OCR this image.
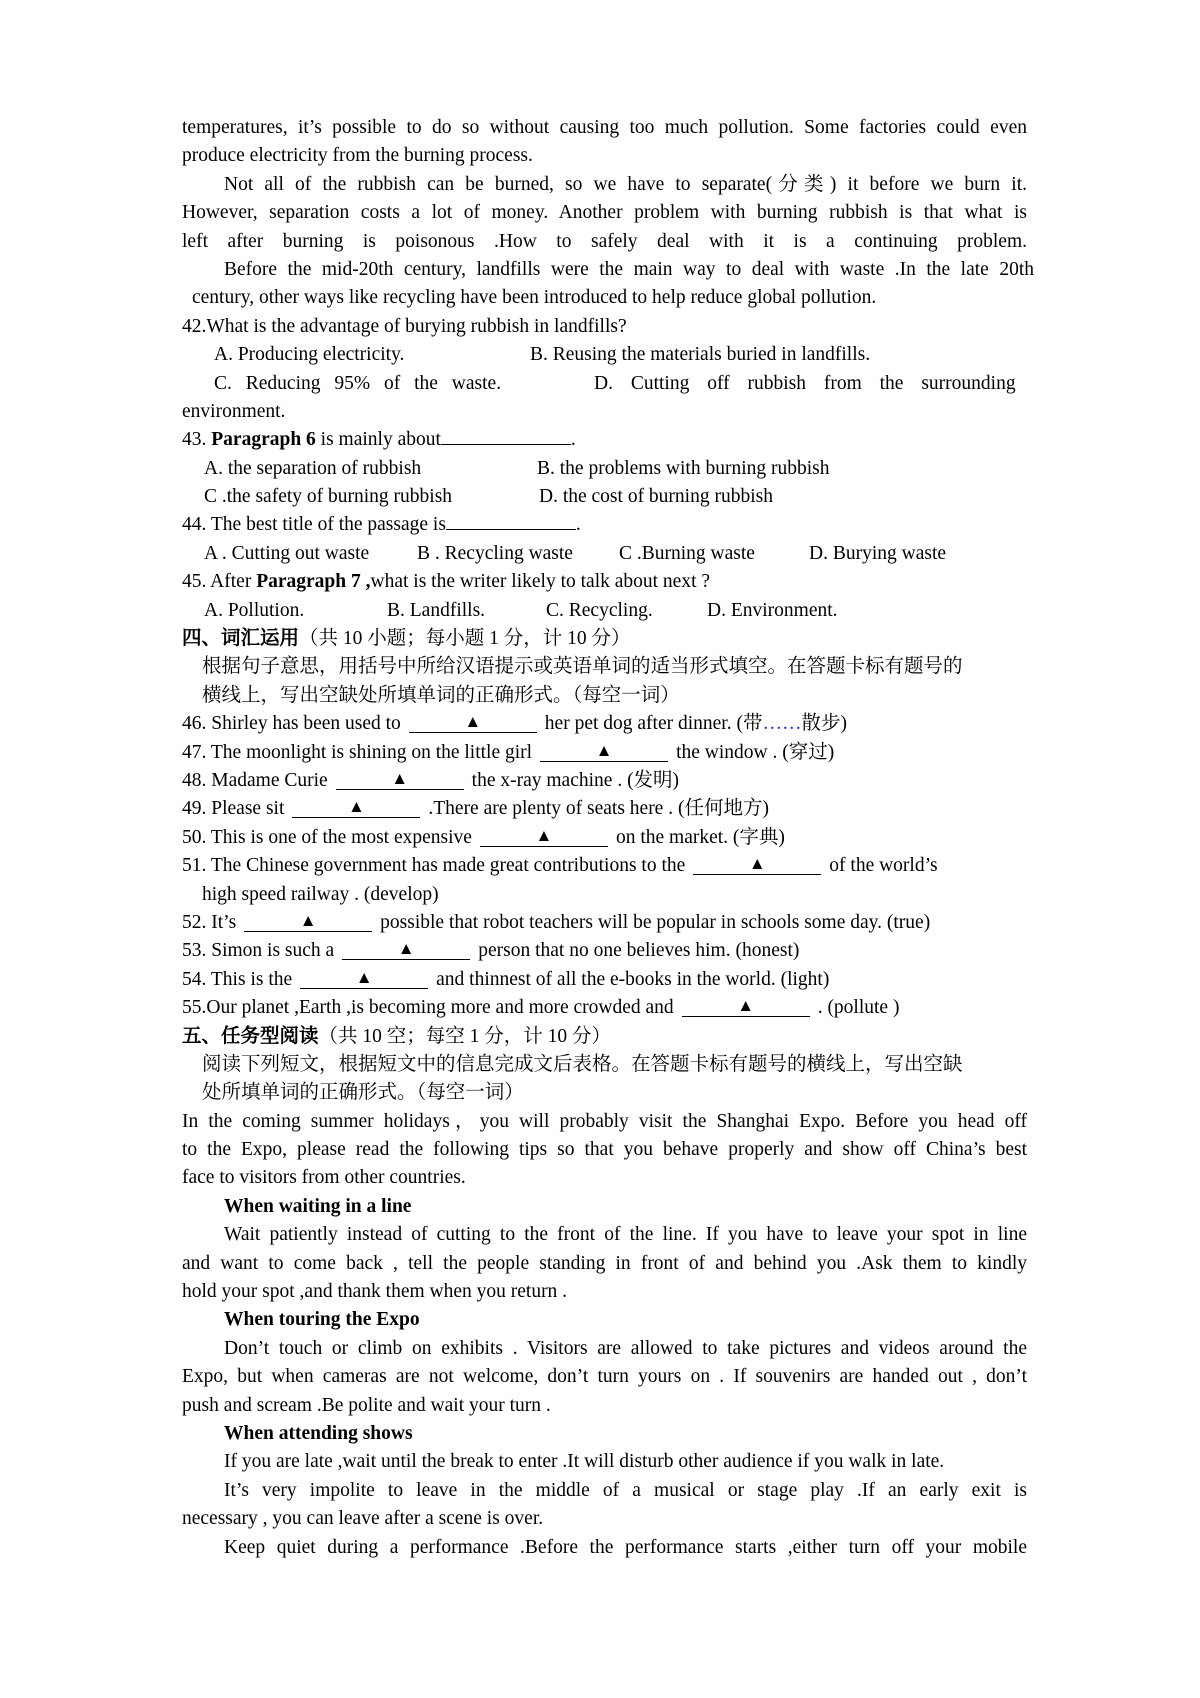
temperatures, it’s possible to do so without causing too much pollution. Some factories could even
produce electricity from the burning process.
Not all of the rubbish can be burned, so we have to separate(分类) it before we burn it.
However, separation costs a lot of money. Another problem with burning rubbish is that what is
left after burning is poisonous .How to safely deal with it is a continuing problem.
Before the mid-20th century, landfills were the main way to deal with waste .In the late 20th
century, other ways like recycling have been introduced to help reduce global pollution.
42.What is the advantage of burying rubbish in landfills?
A. Producing electricity.	B. Reusing the materials buried in landfills.
C. Reducing 95% of the waste.	D. Cutting off rubbish from the surrounding
environment.
43. Paragraph 6 is mainly about	.
A. the separation of rubbish	B. the problems with burning rubbish
C .the safety of burning rubbish	D. the cost of burning rubbish
44. The best title of the passage is	.
A . Cutting out waste B . Recycling waste C .Burning waste	D. Burying waste
45. After Paragraph 7 ,what is the writer likely to talk about next ?
A. Pollution.	B. Landfills.	C. Recycling.	D. Environment.
四、词汇运用（共 10 小题；每小题 1 分，计 10 分）
根据句子意思，用括号中所给汉语提示或英语单词的适当形式填空。在答题卡标有题号的
横线上，写出空缺处所填单词的正确形式。（每空一词）
46. Shirley has been used to	▲	her pet dog after dinner. (带……散步)
47. The moonlight is shining on the little girl	▲	the window . (穿过)
48. Madame Curie	▲	the x-ray machine . (发明)
49. Please sit	▲	.There are plenty of seats here . (任何地方)
50. This is one of the most expensive	▲	on the market. (字典)
51. The Chinese government has made great contributions to the	▲	of the world’s
high speed railway . (develop)
52. It’s	▲	possible that robot teachers will be popular in schools some day. (true)
53. Simon is such a	▲	person that no one believes him. (honest)
54. This is the	▲	and thinnest of all the e-books in the world. (light)
55.Our planet ,Earth ,is becoming more and more crowded and	▲	. (pollute )
五、任务型阅读（共 10 空；每空 1 分，计 10 分）
阅读下列短文，根据短文中的信息完成文后表格。在答题卡标有题号的横线上，写出空缺
处所填单词的正确形式。（每空一词）
In the coming summer holidays，you will probably visit the Shanghai Expo. Before you head off
to the Expo, please read the following tips so that you behave properly and show off China’s best
face to visitors from other countries.
When waiting in a line
Wait patiently instead of cutting to the front of the line. If you have to leave your spot in line
and want to come back , tell the people standing in front of and behind you .Ask them to kindly
hold your spot ,and thank them when you return .
When touring the Expo
Don’t touch or climb on exhibits . Visitors are allowed to take pictures and videos around the
Expo, but when cameras are not welcome, don’t turn yours on . If souvenirs are handed out , don’t
push and scream .Be polite and wait your turn .
When attending shows
If you are late ,wait until the break to enter .It will disturb other audience if you walk in late.
It’s very impolite to leave in the middle of a musical or stage play .If an early exit is
necessary , you can leave after a scene is over.
Keep quiet during a performance .Before the performance starts ,either turn off your mobile
